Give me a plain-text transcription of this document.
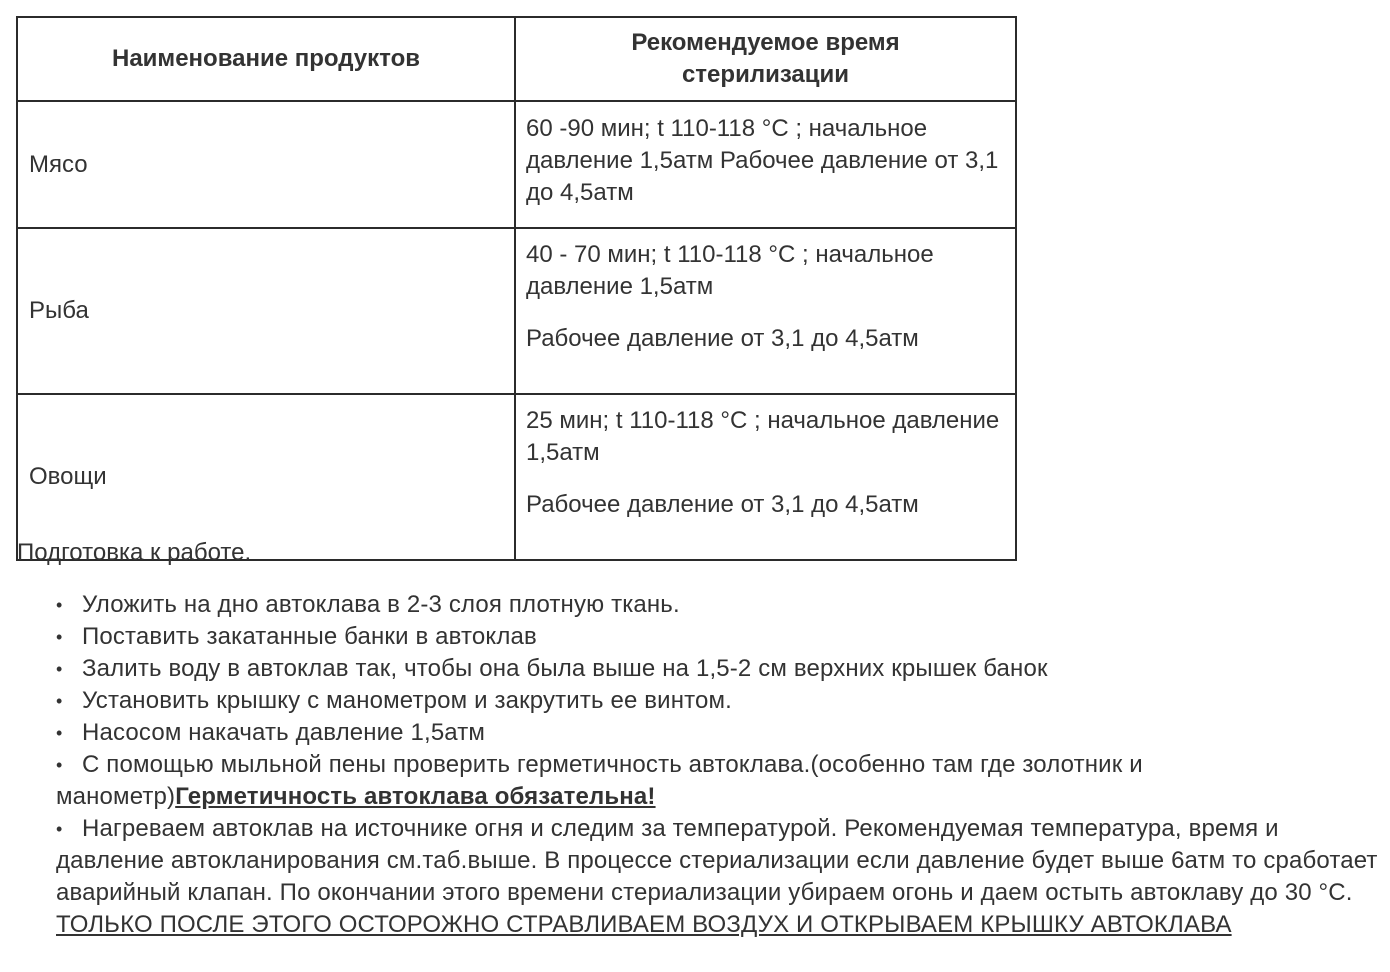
Наименование продуктов	Рекомендуемое время стерилизации
Мясо	60 -90 мин; t 110-118 °C ; начальное давление 1,5атм Рабочее давление от 3,1 до 4,5атм

Рыба	40 - 70 мин; t 110-118 °C ; начальное давление 1,5атм

Рабочее давление от 3,1 до 4,5атм

Овощи	25 мин; t 110-118 °C ; начальное давление 1,5атм

Рабочее давление от 3,1 до 4,5атм

Подготовка к работе.

• Уложить на дно автоклава в 2-3 слоя плотную ткань.
• Поставить закатанные банки в автоклав
• Залить воду в автоклав так, чтобы она была выше на 1,5-2 см верхних крышек банок
• Установить крышку с манометром и закрутить ее винтом.
• Насосом накачать давление 1,5атм
• С помощью мыльной пены проверить герметичность автоклава.(особенно там где золотник и манометр)Герметичность автоклава обязательна!
• Нагреваем автоклав на источнике огня и следим за температурой. Рекомендуемая температура, время и давление автокланирования см.таб.выше. В процессе стериализации если давление будет выше 6атм то сработает аварийный клапан. По окончании этого времени стериализации убираем огонь и даем остыть автоклаву до 30 °C. ТОЛЬКО ПОСЛЕ ЭТОГО ОСТОРОЖНО СТРАВЛИВАЕМ ВОЗДУХ И ОТКРЫВАЕМ КРЫШКУ АВТОКЛАВА
